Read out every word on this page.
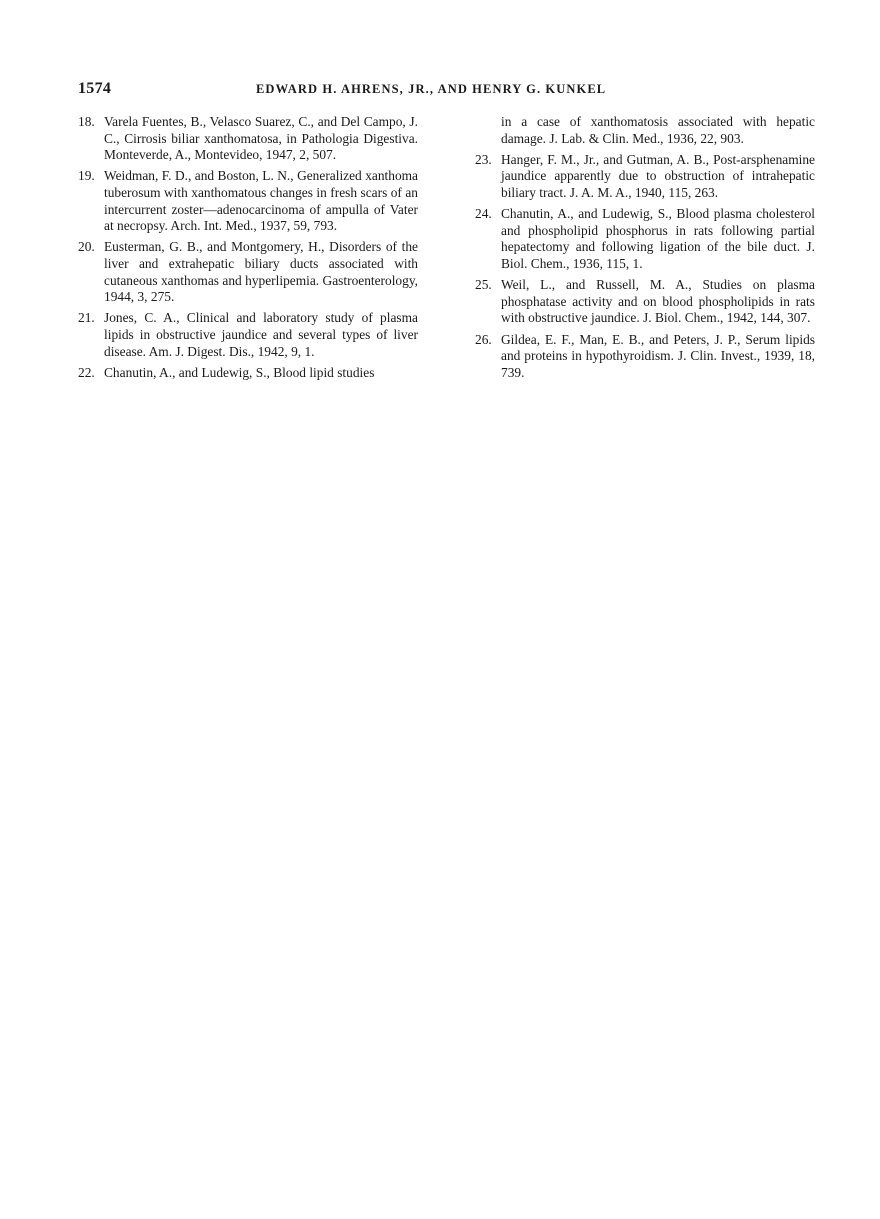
1574	EDWARD H. AHRENS, JR., AND HENRY G. KUNKEL
18. Varela Fuentes, B., Velasco Suarez, C., and Del Campo, J. C., Cirrosis biliar xanthomatosa, in Pathologia Digestiva. Monteverde, A., Montevideo, 1947, 2, 507.
19. Weidman, F. D., and Boston, L. N., Generalized xanthoma tuberosum with xanthomatous changes in fresh scars of an intercurrent zoster—adenocarcinoma of ampulla of Vater at necropsy. Arch. Int. Med., 1937, 59, 793.
20. Eusterman, G. B., and Montgomery, H., Disorders of the liver and extrahepatic biliary ducts associated with cutaneous xanthomas and hyperlipemia. Gastroenterology, 1944, 3, 275.
21. Jones, C. A., Clinical and laboratory study of plasma lipids in obstructive jaundice and several types of liver disease. Am. J. Digest. Dis., 1942, 9, 1.
22. Chanutin, A., and Ludewig, S., Blood lipid studies
in a case of xanthomatosis associated with hepatic damage. J. Lab. & Clin. Med., 1936, 22, 903.
23. Hanger, F. M., Jr., and Gutman, A. B., Post-arsphenamine jaundice apparently due to obstruction of intrahepatic biliary tract. J. A. M. A., 1940, 115, 263.
24. Chanutin, A., and Ludewig, S., Blood plasma cholesterol and phospholipid phosphorus in rats following partial hepatectomy and following ligation of the bile duct. J. Biol. Chem., 1936, 115, 1.
25. Weil, L., and Russell, M. A., Studies on plasma phosphatase activity and on blood phospholipids in rats with obstructive jaundice. J. Biol. Chem., 1942, 144, 307.
26. Gildea, E. F., Man, E. B., and Peters, J. P., Serum lipids and proteins in hypothyroidism. J. Clin. Invest., 1939, 18, 739.
